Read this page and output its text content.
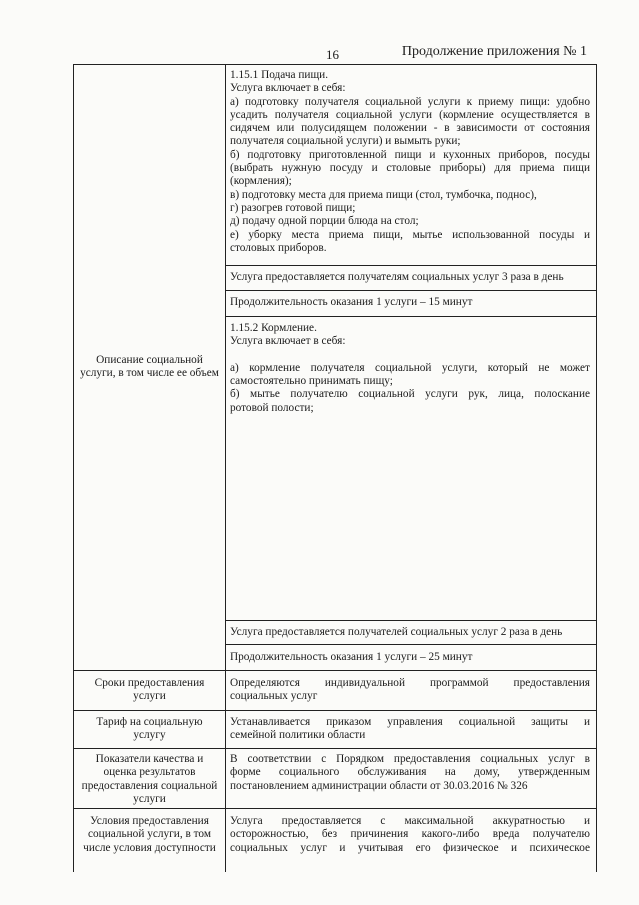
16	Продолжение приложения № 1
Описание социальной
услуги, в том числе ее объем
1.15.1 Подача пищи.
Услуга включает в себя:
а) подготовку получателя социальной услуги к приему пищи: удобно
усадить получателя социальной услуги (кормление осуществляется в
сидячем или полусидящем положении - в зависимости от состояния
получателя социальной услуги) и вымыть руки;
б) подготовку приготовленной пищи и кухонных приборов, посуды
(выбрать нужную посуду и столовые приборы) для приема пищи
(кормления);
в) подготовку места для приема пищи (стол, тумбочка, поднос),
г) разогрев готовой пищи;
д) подачу одной порции блюда на стол;
е) уборку места приема пищи, мытье использованной посуды и
столовых приборов.
Услуга предоставляется получателям социальных услуг 3 раза в день
Продолжительность оказания 1 услуги – 15 минут
1.15.2 Кормление.
Услуга включает в себя:

а) кормление получателя социальной услуги, который не может
самостоятельно принимать пищу;
б) мытье получателю социальной услуги рук, лица, полоскание
ротовой полости;
Услуга предоставляется получателей социальных услуг 2 раза в день
Продолжительность оказания 1 услуги – 25 минут
Сроки предоставления
услуги
Определяются индивидуальной программой предоставления
социальных услуг
Тариф на социальную
услугу
Устанавливается приказом управления социальной защиты и
семейной политики области
Показатели качества и
оценка результатов
предоставления социальной
услуги
В соответствии с Порядком предоставления социальных услуг в
форме социального обслуживания на дому, утвержденным
постановлением администрации области от 30.03.2016 № 326
Условия предоставления
социальной услуги, в том
числе условия доступности
Услуга предоставляется с максимальной аккуратностью и
осторожностью, без причинения какого-либо вреда получателю
социальных услуг и учитывая его физическое и психическое
